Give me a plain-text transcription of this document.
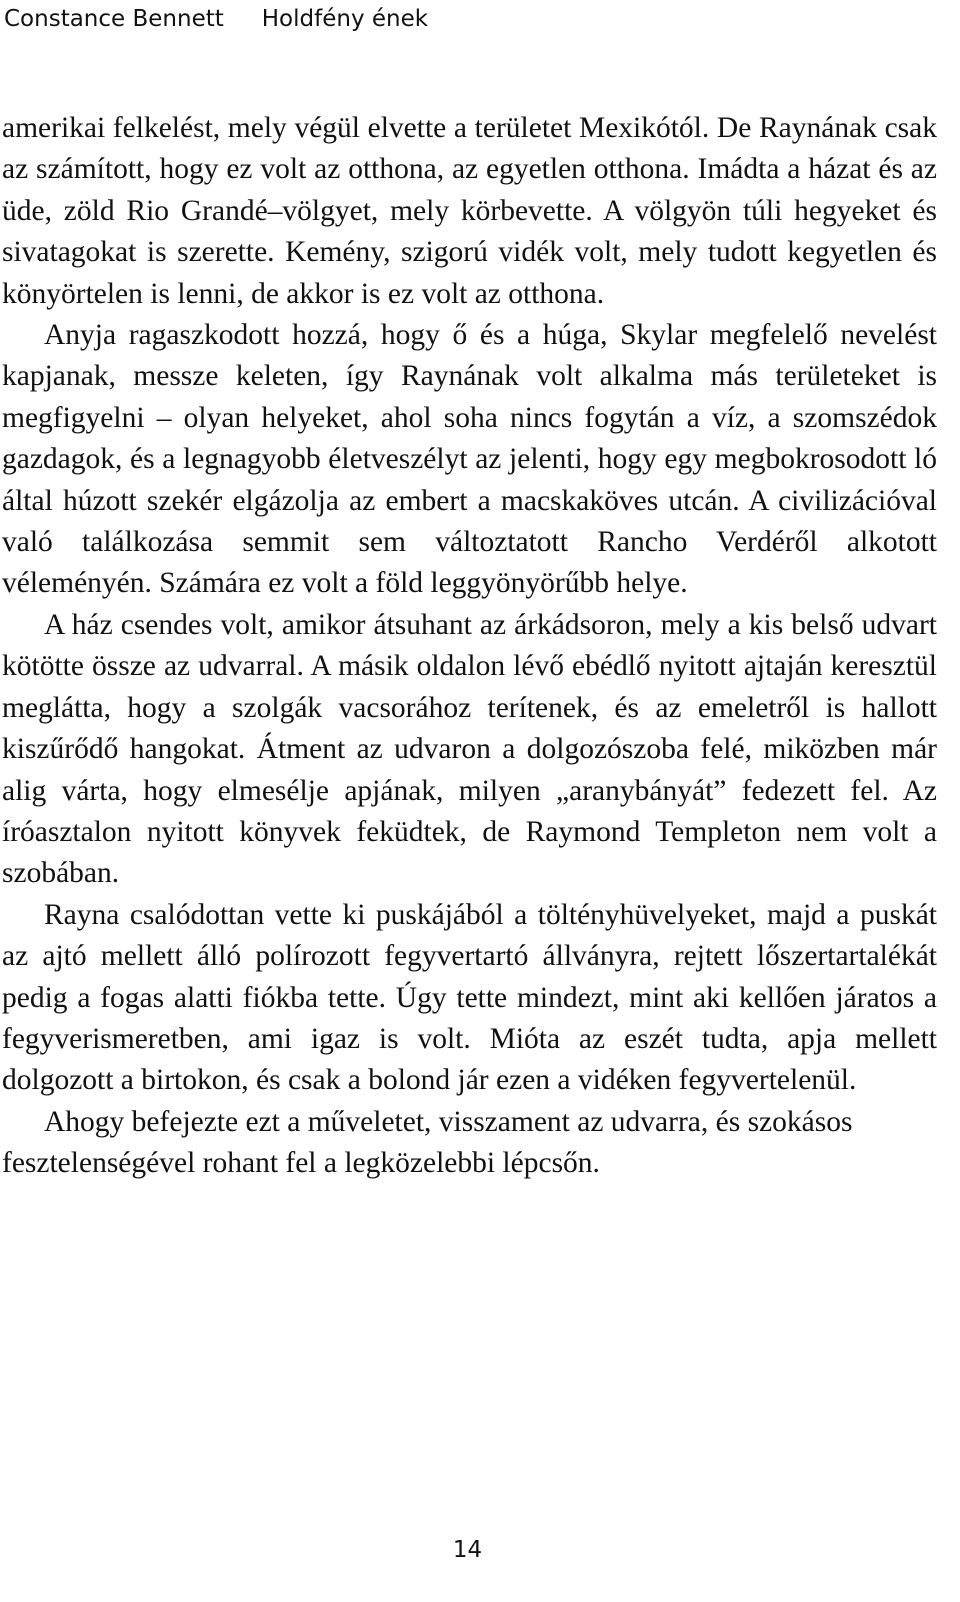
Constance Bennett Holdfény ének

amerikai felkelést, mely végül elvette a területet Mexikótól. De Raynának csak az számított, hogy ez volt az otthona, az egyetlen otthona. Imádta a házat és az üde, zöld Rio Grandé–völgyet, mely körbevette. A völgyön túli hegyeket és sivatagokat is szerette. Kemény, szigorú vidék volt, mely tudott kegyetlen és könyörtelen is lenni, de akkor is ez volt az otthona.

Anyja ragaszkodott hozzá, hogy ő és a húga, Skylar megfelelő nevelést kapjanak, messze keleten, így Raynának volt alkalma más területeket is megfigyelni – olyan helyeket, ahol soha nincs fogytán a víz, a szomszédok gazdagok, és a legnagyobb életveszélyt az jelenti, hogy egy megbokrosodott ló által húzott szekér elgázolja az embert a macskaköves utcán. A civilizációval való találkozása semmit sem változtatott Rancho Verdéről alkotott véleményén. Számára ez volt a föld leggyönyörűbb helye.

A ház csendes volt, amikor átsuhant az árkádsoron, mely a kis belső udvart kötötte össze az udvarral. A másik oldalon lévő ebédlő nyitott ajtaján keresztül meglátta, hogy a szolgák vacsorához terítenek, és az emeletről is hallott kiszűrődő hangokat. Átment az udvaron a dolgozószoba felé, miközben már alig várta, hogy elmesélje apjának, milyen „aranybányát” fedezett fel. Az íróasztalon nyitott könyvek feküdtek, de Raymond Templeton nem volt a szobában.

Rayna csalódottan vette ki puskájából a töltényhüvelyeket, majd a puskát az ajtó mellett álló polírozott fegyvertartó állványra, rejtett lőszertartalékát pedig a fogas alatti fiókba tette. Úgy tette mindezt, mint aki kellően járatos a fegyverismeretben, ami igaz is volt. Mióta az eszét tudta, apja mellett dolgozott a birtokon, és csak a bolond jár ezen a vidéken fegyvertelenül.

Ahogy befejezte ezt a műveletet, visszament az udvarra, és szokásos fesztelenségével rohant fel a legközelebbi lépcsőn.

14
